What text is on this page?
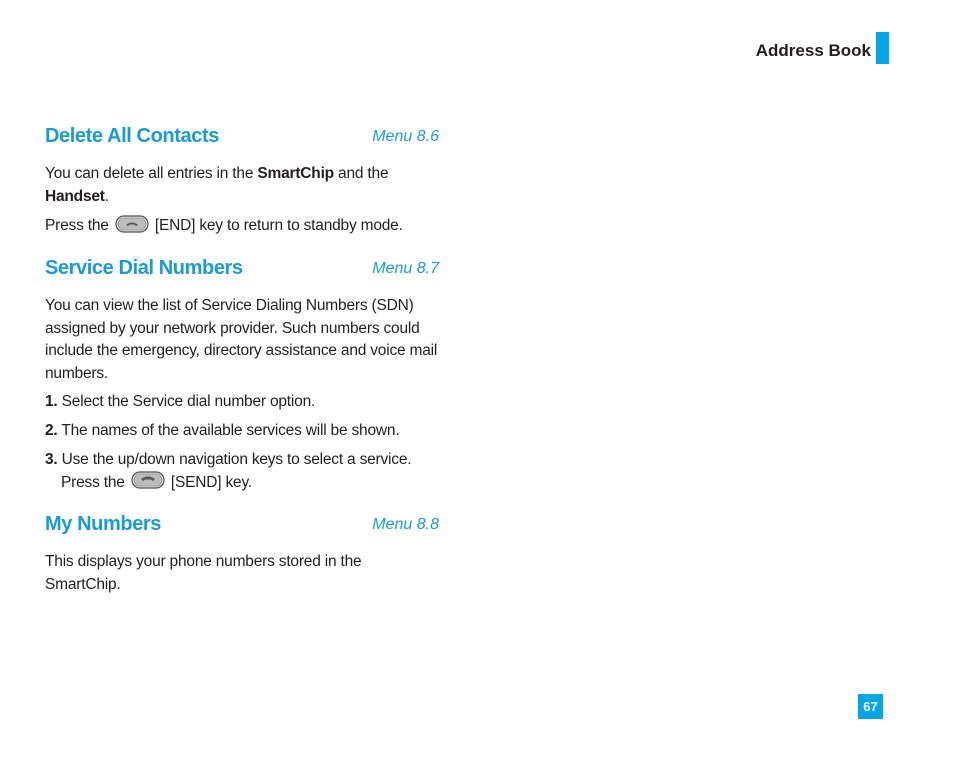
Address Book
Delete All Contacts	Menu 8.6
You can delete all entries in the SmartChip and the
Handset.
Press the  [END] key to return to standby mode.
Service Dial Numbers	Menu 8.7
You can view the list of Service Dialing Numbers (SDN) assigned by your network provider. Such numbers could include the emergency, directory assistance and voice mail numbers.
1. Select the Service dial number option.
2. The names of the available services will be shown.
3. Use the up/down navigation keys to select a service.
Press the  [SEND] key.
My Numbers	Menu 8.8
This displays your phone numbers stored in the SmartChip.
67
